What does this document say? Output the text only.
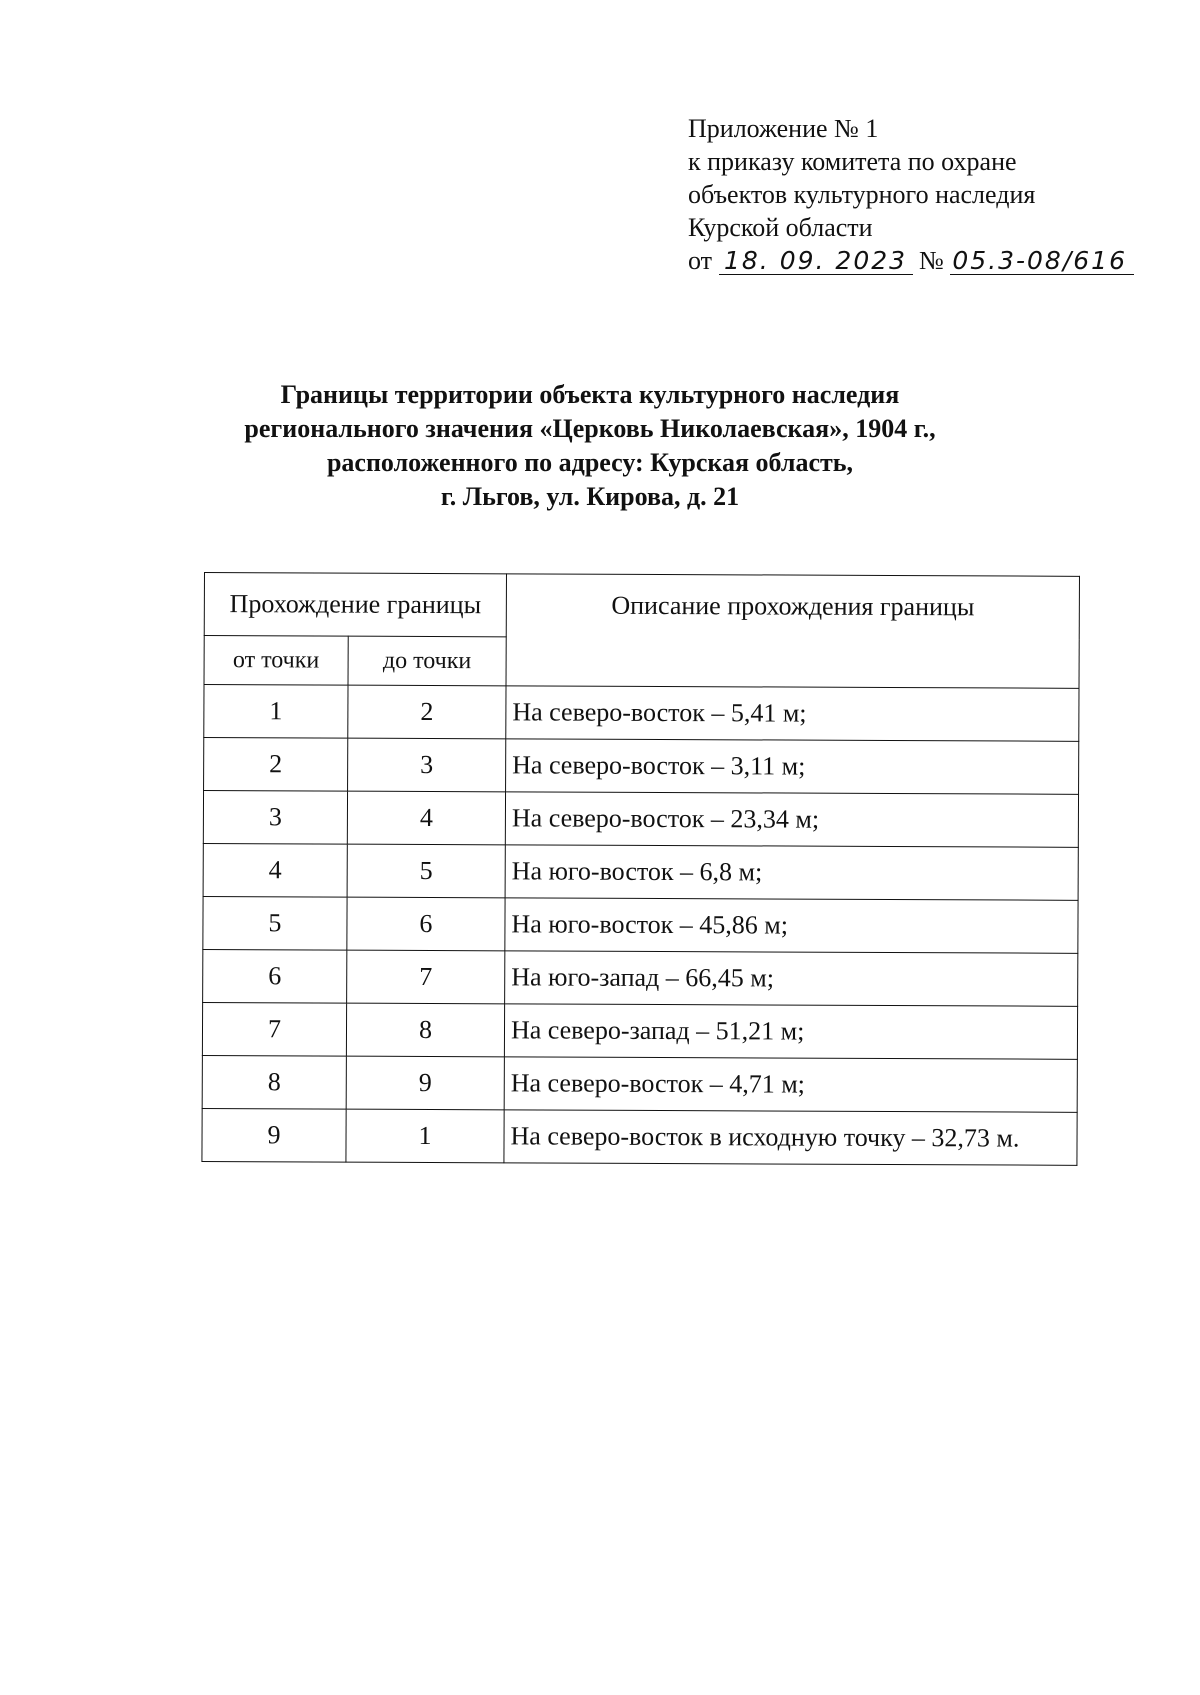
Приложение № 1
к приказу комитета по охране
объектов культурного наследия
Курской области
от 18. 09. 2023 № 05.3-08/616
Границы территории объекта культурного наследия
регионального значения «Церковь Николаевская», 1904 г.,
расположенного по адресу: Курская область,
г. Льгов, ул. Кирова, д. 21
Прохождение границы		Описание прохождения границы
от точки	до точки	
1	2	На северо-восток – 5,41 м;
2	3	На северо-восток – 3,11 м;
3	4	На северо-восток – 23,34 м;
4	5	На юго-восток – 6,8 м;
5	6	На юго-восток – 45,86 м;
6	7	На юго-запад – 66,45 м;
7	8	На северо-запад – 51,21 м;
8	9	На северо-восток – 4,71 м;
9	1	На северо-восток в исходную точку – 32,73 м.
